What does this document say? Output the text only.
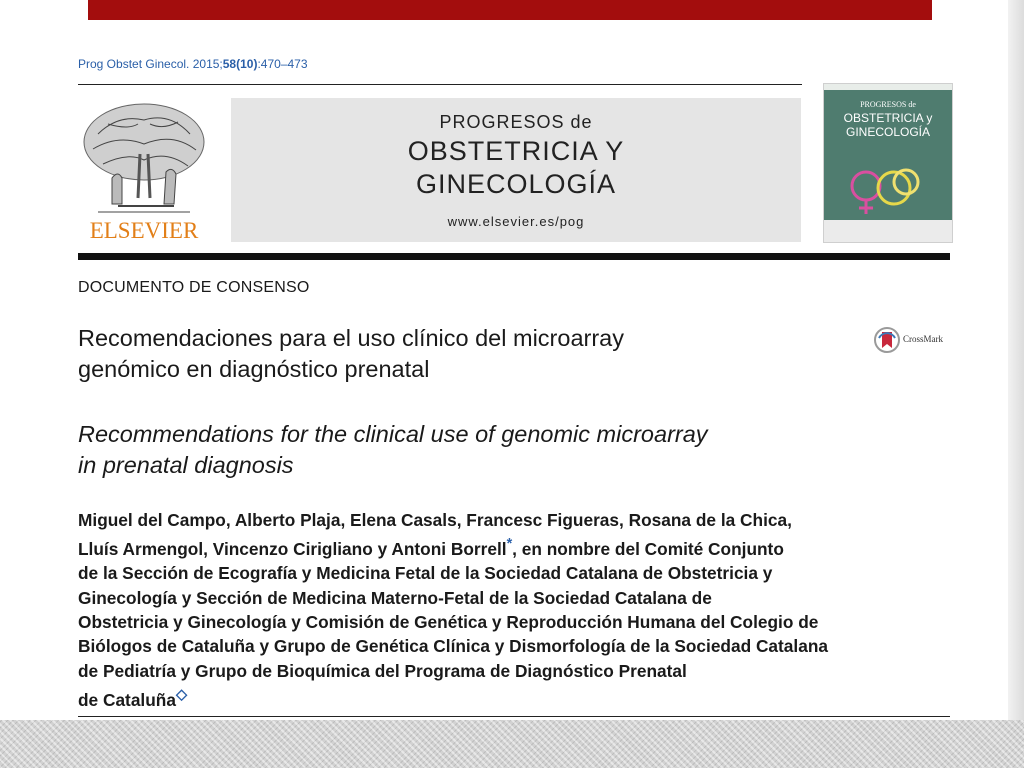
Prog Obstet Ginecol. 2015;58(10):470–473
ELSEVIER
PROGRESOS de
OBSTETRICIA Y
GINECOLOGÍA
www.elsevier.es/pog
PROGRESOS de
OBSTETRICIA y
GINECOLOGÍA
DOCUMENTO DE CONSENSO
Recomendaciones para el uso clínico del microarray
genómico en diagnóstico prenatal
CrossMark
Recommendations for the clinical use of genomic microarray
in prenatal diagnosis
Miguel del Campo, Alberto Plaja, Elena Casals, Francesc Figueras, Rosana de la Chica,
Lluís Armengol, Vincenzo Cirigliano y Antoni Borrell*, en nombre del Comité Conjunto
de la Sección de Ecografía y Medicina Fetal de la Sociedad Catalana de Obstetricia y
Ginecología y Sección de Medicina Materno-Fetal de la Sociedad Catalana de
Obstetricia y Ginecología y Comisión de Genética y Reproducción Humana del Colegio de
Biólogos de Cataluña y Grupo de Genética Clínica y Dismorfología de la Sociedad Catalana
de Pediatría y Grupo de Bioquímica del Programa de Diagnóstico Prenatal
de Cataluña◇
